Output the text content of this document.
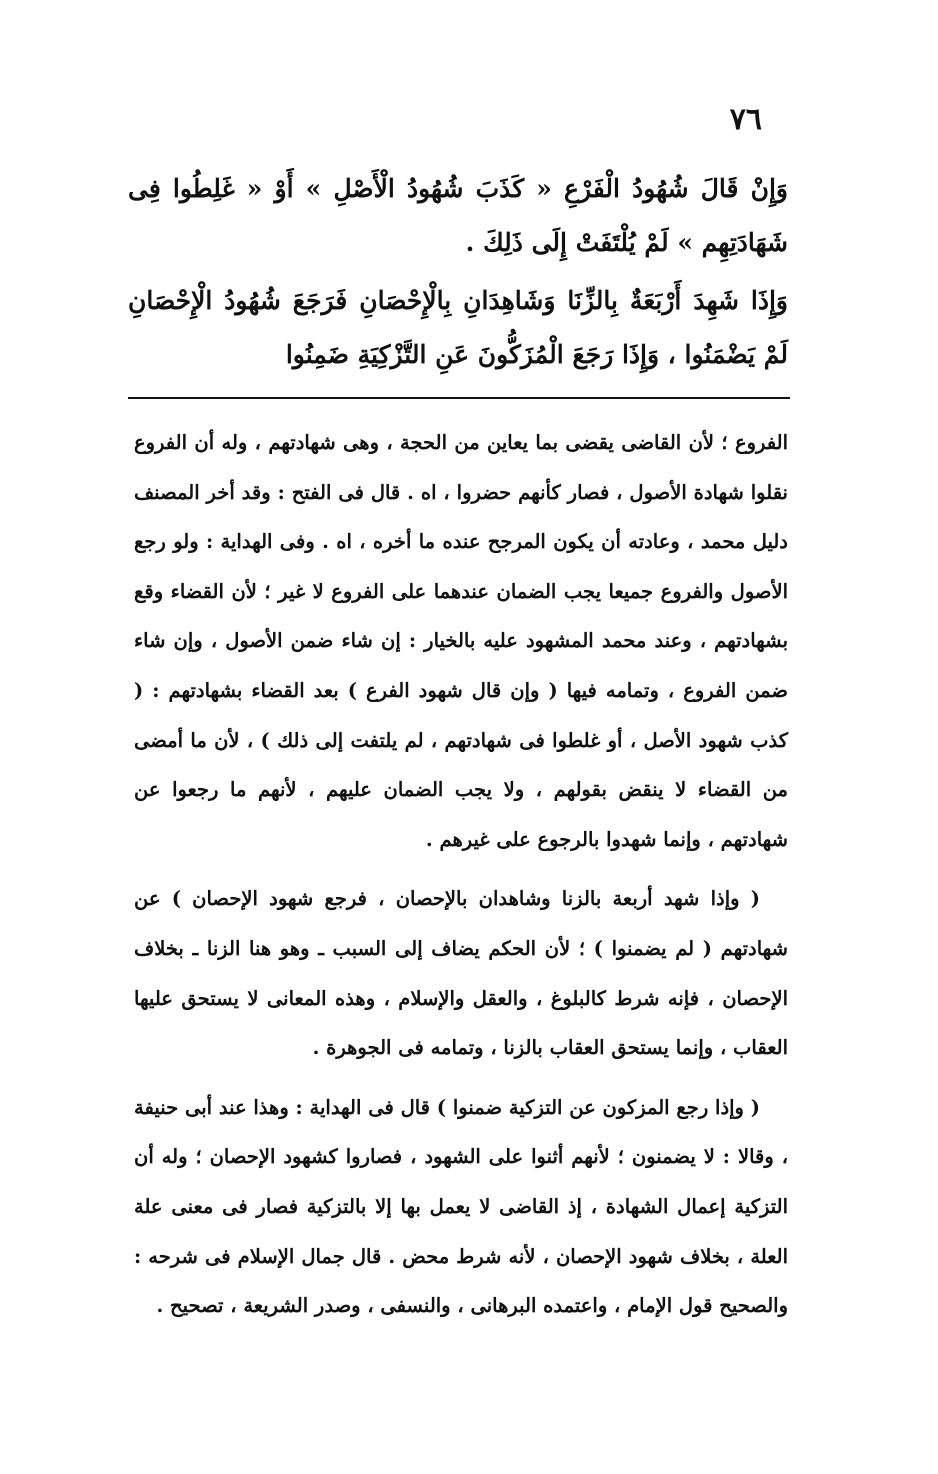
٧٦

وَإِنْ قَالَ شُهُودُ الْفَرْعِ « كَذَبَ شُهُودُ الْأَصْلِ » أَوْ « غَلِطُوا فِى شَهَادَتِهِم » لَمْ يُلْتَفَتْ إِلَى ذَلِكَ .

وَإِذَا شَهِدَ أَرْبَعَةٌ بِالزِّنَا وَشَاهِدَانِ بِالْإِحْصَانِ فَرَجَعَ شُهُودُ الْإِحْصَانِ لَمْ يَضْمَنُوا ، وَإِذَا رَجَعَ الْمُزَكُّونَ عَنِ التَّزْكِيَةِ ضَمِنُوا

الفروع ؛ لأن القاضى يقضى بما يعاين من الحجة ، وهى شهادتهم ، وله أن الفروع نقلوا شهادة الأصول ، فصار كأنهم حضروا ، اه . قال فى الفتح : وقد أخر المصنف دليل محمد ، وعادته أن يكون المرجح عنده ما أخره ، اه . وفى الهداية : ولو رجع الأصول والفروع جميعا يجب الضمان عندهما على الفروع لا غير ؛ لأن القضاء وقع بشهادتهم ، وعند محمد المشهود عليه بالخيار : إن شاء ضمن الأصول ، وإن شاء ضمن الفروع ، وتمامه فيها ( وإن قال شهود الفرع ) بعد القضاء بشهادتهم : ( كذب شهود الأصل ، أو غلطوا فى شهادتهم ، لم يلتفت إلى ذلك ) ، لأن ما أمضى من القضاء لا ينقض بقولهم ، ولا يجب الضمان عليهم ، لأنهم ما رجعوا عن شهادتهم ، وإنما شهدوا بالرجوع على غيرهم .

( وإذا شهد أربعة بالزنا وشاهدان بالإحصان ، فرجع شهود الإحصان ) عن شهادتهم ( لم يضمنوا ) ؛ لأن الحكم يضاف إلى السبب ـ وهو هنا الزنا ـ بخلاف الإحصان ، فإنه شرط كالبلوغ ، والعقل والإسلام ، وهذه المعانى لا يستحق عليها العقاب ، وإنما يستحق العقاب بالزنا ، وتمامه فى الجوهرة .

( وإذا رجع المزكون عن التزكية ضمنوا ) قال فى الهداية : وهذا عند أبى حنيفة ، وقالا : لا يضمنون ؛ لأنهم أثنوا على الشهود ، فصاروا كشهود الإحصان ؛ وله أن التزكية إعمال الشهادة ، إذ القاضى لا يعمل بها إلا بالتزكية فصار فى معنى علة العلة ، بخلاف شهود الإحصان ، لأنه شرط محض . قال جمال الإسلام فى شرحه : والصحيح قول الإمام ، واعتمده البرهانى ، والنسفى ، وصدر الشريعة ، تصحيح .
